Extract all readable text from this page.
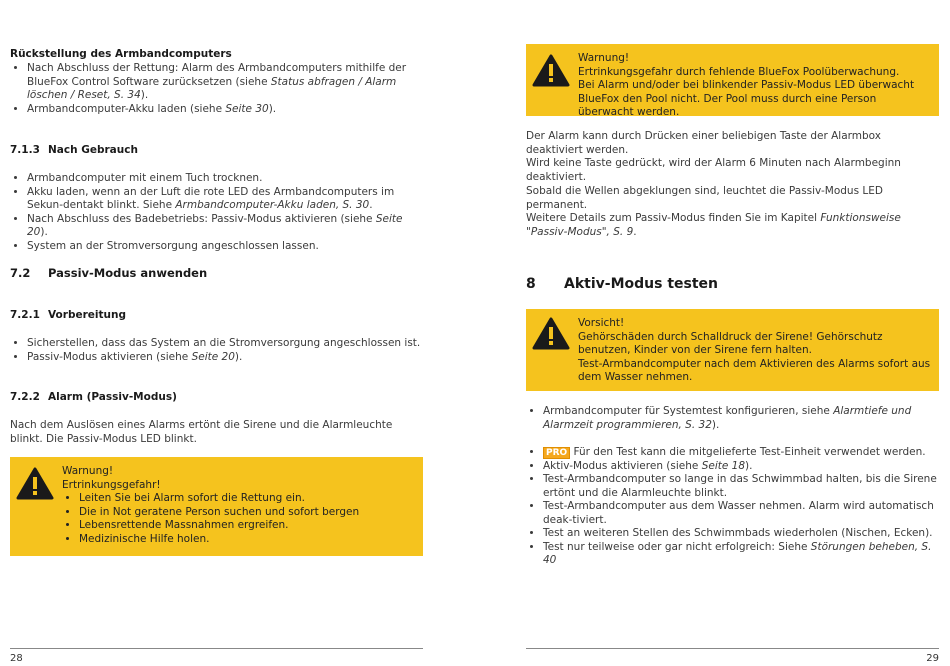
Rückstellung des Armbandcomputers
• Nach Abschluss der Rettung: Alarm des Armbandcomputers mithilfe der BlueFox Control Software zurücksetzen (siehe Status abfragen / Alarm löschen / Reset, S. 34).
• Armbandcomputer-Akku laden (siehe Seite 30).
7.1.3 Nach Gebrauch
• Armbandcomputer mit einem Tuch trocknen.
• Akku laden, wenn an der Luft die rote LED des Armbandcomputers im Sekun-dentakt blinkt. Siehe Armbandcomputer-Akku laden, S. 30.
• Nach Abschluss des Badebetriebs: Passiv-Modus aktivieren (siehe Seite 20).
• System an der Stromversorgung angeschlossen lassen.
7.2 Passiv-Modus anwenden
7.2.1 Vorbereitung
• Sicherstellen, dass das System an die Stromversorgung angeschlossen ist.
• Passiv-Modus aktivieren (siehe Seite 20).
7.2.2 Alarm (Passiv-Modus)
Nach dem Auslösen eines Alarms ertönt die Sirene und die Alarmleuchte blinkt. Die Passiv-Modus LED blinkt.
Warnung!
Ertrinkungsgefahr!
• Leiten Sie bei Alarm sofort die Rettung ein.
• Die in Not geratene Person suchen und sofort bergen
• Lebensrettende Massnahmen ergreifen.
• Medizinische Hilfe holen.
28
Warnung!
Ertrinkungsgefahr durch fehlende BlueFox Poolüberwachung.
Bei Alarm und/oder bei blinkender Passiv-Modus LED überwacht BlueFox den Pool nicht. Der Pool muss durch eine Person überwacht werden.
Der Alarm kann durch Drücken einer beliebigen Taste der Alarmbox deaktiviert werden.
Wird keine Taste gedrückt, wird der Alarm 6 Minuten nach Alarmbeginn deaktiviert.
Sobald die Wellen abgeklungen sind, leuchtet die Passiv-Modus LED permanent.
Weitere Details zum Passiv-Modus finden Sie im Kapitel Funktionsweise "Passiv-Modus", S. 9.
8 Aktiv-Modus testen
Vorsicht!
Gehörschäden durch Schalldruck der Sirene! Gehörschutz benutzen, Kinder von der Sirene fern halten.
Test-Armbandcomputer nach dem Aktivieren des Alarms sofort aus dem Wasser nehmen.
• Armbandcomputer für Systemtest konfigurieren, siehe Alarmtiefe und Alarmzeit programmieren, S. 32).
• PRO Für den Test kann die mitgelieferte Test-Einheit verwendet werden.
• Aktiv-Modus aktivieren (siehe Seite 18).
• Test-Armbandcomputer so lange in das Schwimmbad halten, bis die Sirene ertönt und die Alarmleuchte blinkt.
• Test-Armbandcomputer aus dem Wasser nehmen. Alarm wird automatisch deak-tiviert.
• Test an weiteren Stellen des Schwimmbads wiederholen (Nischen, Ecken).
• Test nur teilweise oder gar nicht erfolgreich: Siehe Störungen beheben, S. 40
29
